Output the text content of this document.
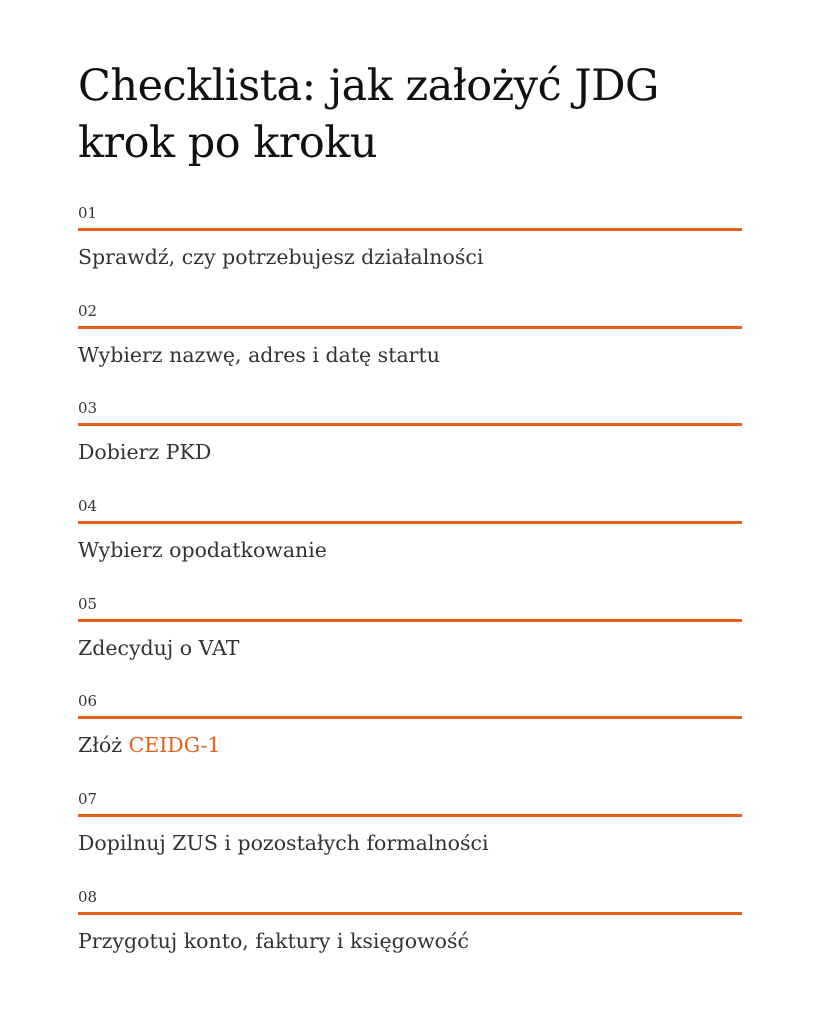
Checklista: jak założyć JDG krok po kroku
01
Sprawdź, czy potrzebujesz działalności
02
Wybierz nazwę, adres i datę startu
03
Dobierz PKD
04
Wybierz opodatkowanie
05
Zdecyduj o VAT
06
Złóż CEIDG-1
07
Dopilnuj ZUS i pozostałych formalności
08
Przygotuj konto, faktury i księgowość
